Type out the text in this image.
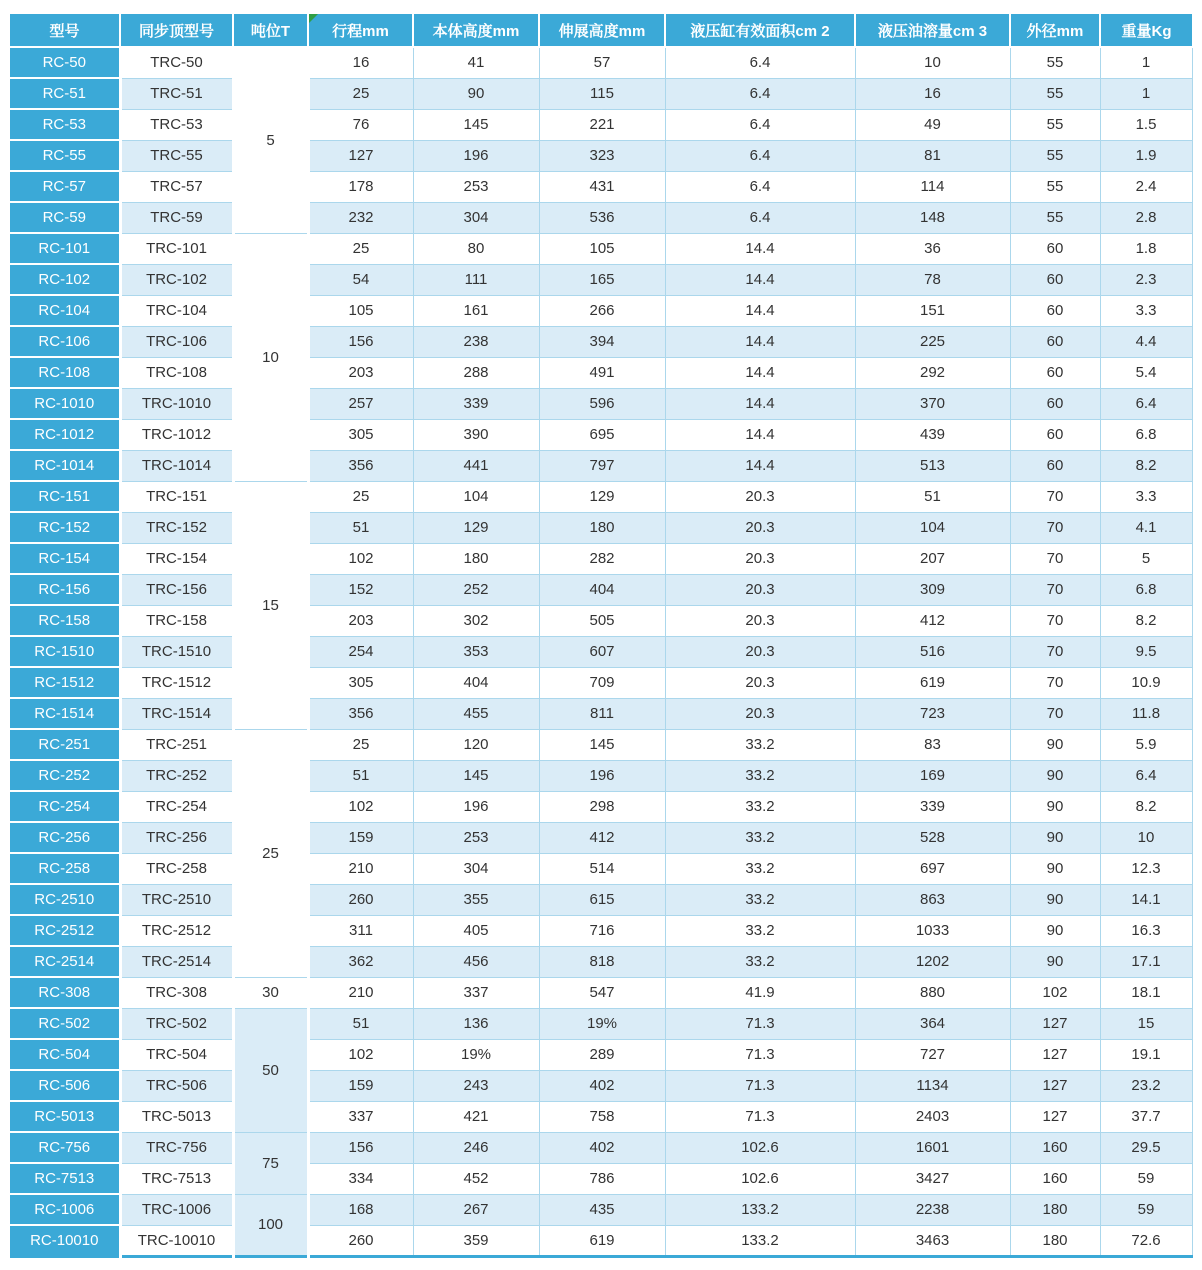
型号	同步顶型号	吨位T	行程mm	本体高度mm	伸展高度mm	液压缸有效面积cm 2	液压油溶量cm 3	外径mm	重量Kg
RC-50	TRC-50	5	16	41	57	6.4	10	55	1
RC-51	TRC-51		25	90	115	6.4	16	55	1
RC-53	TRC-53		76	145	221	6.4	49	55	1.5
RC-55	TRC-55		127	196	323	6.4	81	55	1.9
RC-57	TRC-57		178	253	431	6.4	114	55	2.4
RC-59	TRC-59		232	304	536	6.4	148	55	2.8
RC-101	TRC-101	10	25	80	105	14.4	36	60	1.8
RC-102	TRC-102		54	111	165	14.4	78	60	2.3
RC-104	TRC-104		105	161	266	14.4	151	60	3.3
RC-106	TRC-106		156	238	394	14.4	225	60	4.4
RC-108	TRC-108		203	288	491	14.4	292	60	5.4
RC-1010	TRC-1010		257	339	596	14.4	370	60	6.4
RC-1012	TRC-1012		305	390	695	14.4	439	60	6.8
RC-1014	TRC-1014		356	441	797	14.4	513	60	8.2
RC-151	TRC-151	15	25	104	129	20.3	51	70	3.3
RC-152	TRC-152		51	129	180	20.3	104	70	4.1
RC-154	TRC-154		102	180	282	20.3	207	70	5
RC-156	TRC-156		152	252	404	20.3	309	70	6.8
RC-158	TRC-158		203	302	505	20.3	412	70	8.2
RC-1510	TRC-1510		254	353	607	20.3	516	70	9.5
RC-1512	TRC-1512		305	404	709	20.3	619	70	10.9
RC-1514	TRC-1514		356	455	811	20.3	723	70	11.8
RC-251	TRC-251	25	25	120	145	33.2	83	90	5.9
RC-252	TRC-252		51	145	196	33.2	169	90	6.4
RC-254	TRC-254		102	196	298	33.2	339	90	8.2
RC-256	TRC-256		159	253	412	33.2	528	90	10
RC-258	TRC-258		210	304	514	33.2	697	90	12.3
RC-2510	TRC-2510		260	355	615	33.2	863	90	14.1
RC-2512	TRC-2512		311	405	716	33.2	1033	90	16.3
RC-2514	TRC-2514		362	456	818	33.2	1202	90	17.1
RC-308	TRC-308	30	210	337	547	41.9	880	102	18.1
RC-502	TRC-502	50	51	136	19%	71.3	364	127	15
RC-504	TRC-504		102	19%	289	71.3	727	127	19.1
RC-506	TRC-506		159	243	402	71.3	1134	127	23.2
RC-5013	TRC-5013		337	421	758	71.3	2403	127	37.7
RC-756	TRC-756	75	156	246	402	102.6	1601	160	29.5
RC-7513	TRC-7513		334	452	786	102.6	3427	160	59
RC-1006	TRC-1006	100	168	267	435	133.2	2238	180	59
RC-10010	TRC-10010		260	359	619	133.2	3463	180	72.6
